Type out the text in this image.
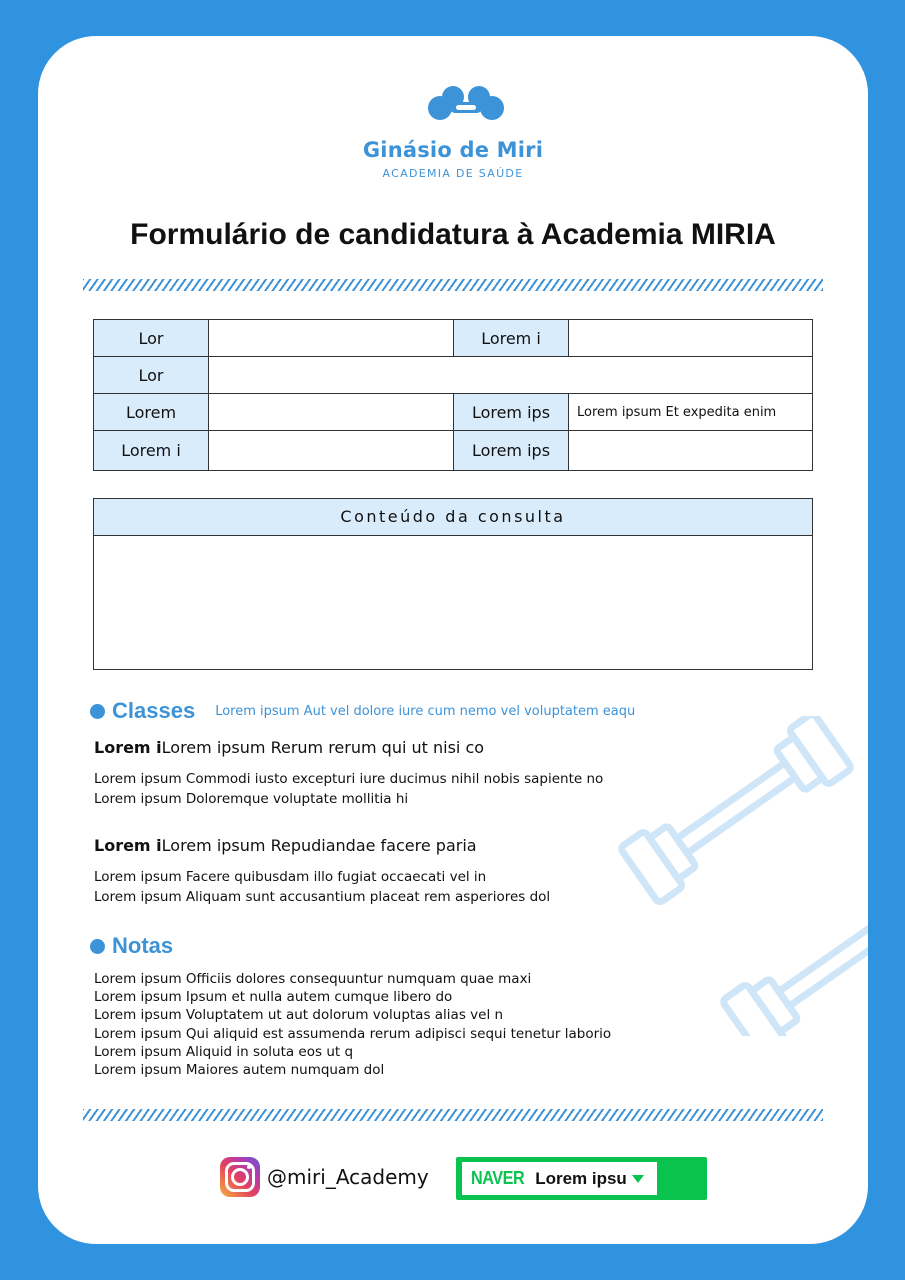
Ginásio de Miri
ACADEMIA DE SAÚDE
Formulário de candidatura à Academia MIRIA
Lor		Lorem i	
Lor			
Lorem		Lorem ips	Lorem ipsum Et expedita enim
Lorem i		Lorem ips	
Conteúdo da consulta
Classes Lorem ipsum Aut vel dolore iure cum nemo vel voluptatem eaqu
Lorem iLorem ipsum Rerum rerum qui ut nisi co
Lorem ipsum Commodi iusto excepturi iure ducimus nihil nobis sapiente no
Lorem ipsum Doloremque voluptate mollitia hi
Lorem iLorem ipsum Repudiandae facere paria
Lorem ipsum Facere quibusdam illo fugiat occaecati vel in
Lorem ipsum Aliquam sunt accusantium placeat rem asperiores dol
Notas
Lorem ipsum Officiis dolores consequuntur numquam quae maxi
Lorem ipsum Ipsum et nulla autem cumque libero do
Lorem ipsum Voluptatem ut aut dolorum voluptas alias vel n
Lorem ipsum Qui aliquid est assumenda rerum adipisci sequi tenetur laborio
Lorem ipsum Aliquid in soluta eos ut q
Lorem ipsum Maiores autem numquam dol
@miri_Academy NAVER Lorem ipsu
